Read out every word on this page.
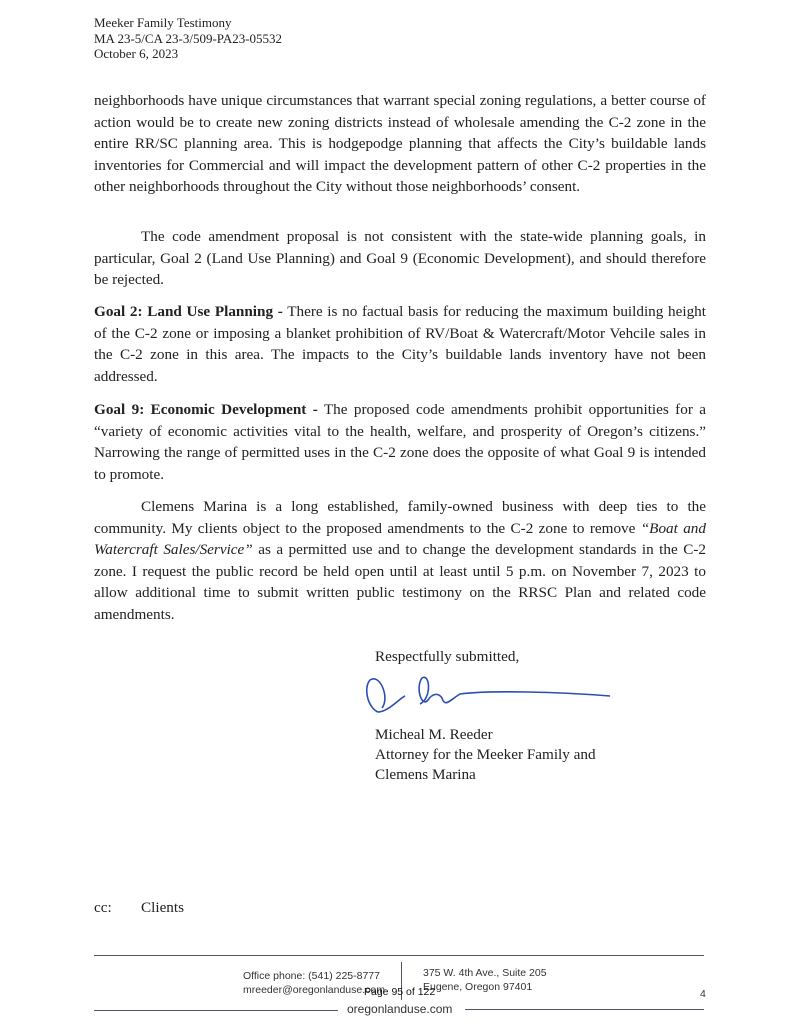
Meeker Family Testimony
MA 23-5/CA 23-3/509-PA23-05532
October 6, 2023
neighborhoods have unique circumstances that warrant special zoning regulations, a better course of action would be to create new zoning districts instead of wholesale amending the C-2 zone in the entire RR/SC planning area. This is hodgepodge planning that affects the City’s buildable lands inventories for Commercial and will impact the development pattern of other C-2 properties in the other neighborhoods throughout the City without those neighborhoods’ consent.
The code amendment proposal is not consistent with the state-wide planning goals, in particular, Goal 2 (Land Use Planning) and Goal 9 (Economic Development), and should therefore be rejected.
Goal 2: Land Use Planning - There is no factual basis for reducing the maximum building height of the C-2 zone or imposing a blanket prohibition of RV/Boat & Watercraft/Motor Vehcile sales in the C-2 zone in this area. The impacts to the City’s buildable lands inventory have not been addressed.
Goal 9: Economic Development - The proposed code amendments prohibit opportunities for a “variety of economic activities vital to the health, welfare, and prosperity of Oregon’s citizens.” Narrowing the range of permitted uses in the C-2 zone does the opposite of what Goal 9 is intended to promote.
Clemens Marina is a long established, family-owned business with deep ties to the community. My clients object to the proposed amendments to the C-2 zone to remove “Boat and Watercraft Sales/Service” as a permitted use and to change the development standards in the C-2 zone. I request the public record be held open until at least until 5 p.m. on November 7, 2023 to allow additional time to submit written public testimony on the RRSC Plan and related code amendments.
Respectfully submitted,
Micheal M. Reeder
Attorney for the Meeker Family and
Clemens Marina
cc: Clients
Office phone: (541) 225-8777
mreeder@oregonlanduse.com
375 W. 4th Ave., Suite 205
Eugene, Oregon 97401
Page 95 of 122	4
oregonlanduse.com
